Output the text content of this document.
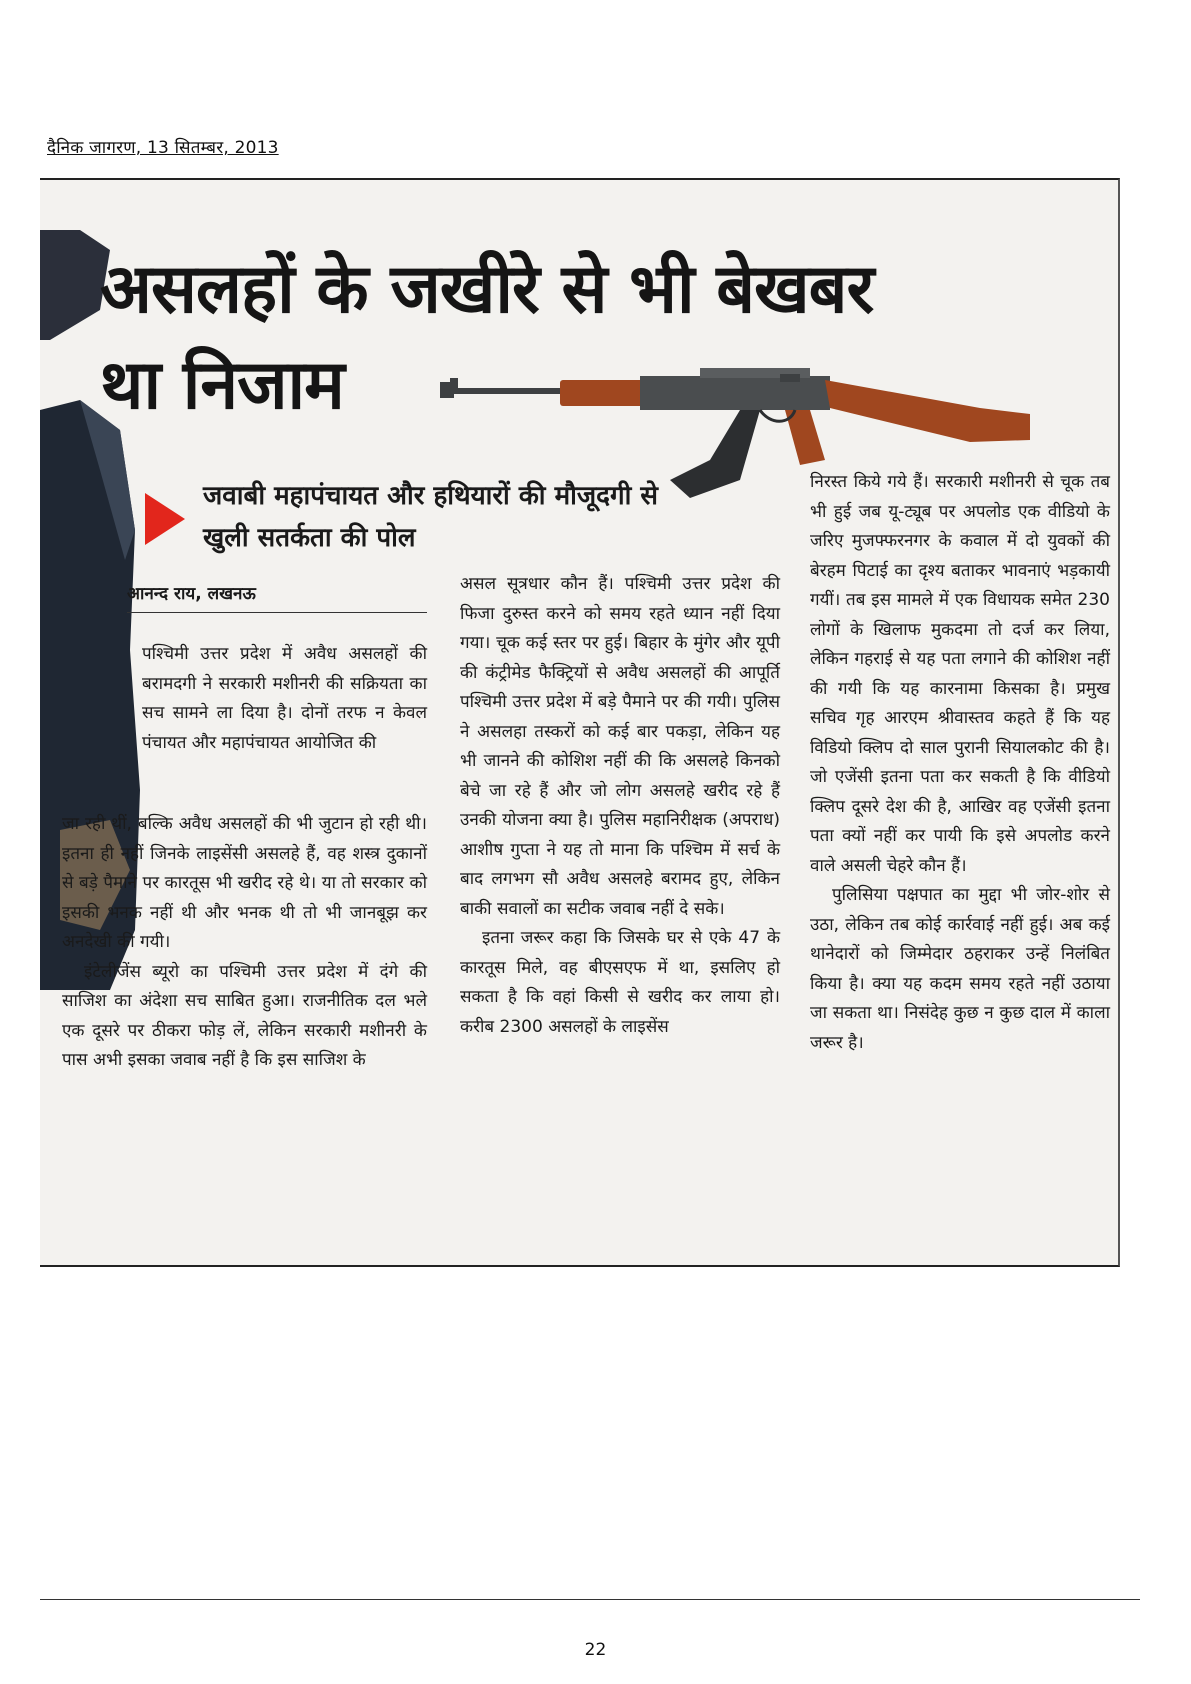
दैनिक जागरण, 13 सितम्बर, 2013
असलहों के जखीरे से भी बेखबर
था निजाम
जवाबी महापंचायत और हथियारों की मौजूदगी से खुली सतर्कता की पोल
आनन्द राय, लखनऊ

पश्चिमी उत्तर प्रदेश में अवैध असलहों की बरामदगी ने सरकारी मशीनरी की सक्रियता का सच सामने ला दिया है। दोनों तरफ न केवल पंचायत और महापंचायत आयोजित की

जा रही थीं, बल्कि अवैध असलहों की भी जुटान हो रही थी। इतना ही नहीं जिनके लाइसेंसी असलहे हैं, वह शस्त्र दुकानों से बड़े पैमाने पर कारतूस भी खरीद रहे थे। या तो सरकार को इसकी भनक नहीं थी और भनक थी तो भी जानबूझ कर अनदेखी की गयी।

इंटेलीजेंस ब्यूरो का पश्चिमी उत्तर प्रदेश में दंगे की साजिश का अंदेशा सच साबित हुआ। राजनीतिक दल भले एक दूसरे पर ठीकरा फोड़ लें, लेकिन सरकारी मशीनरी के पास अभी इसका जवाब नहीं है कि इस साजिश के

असल सूत्रधार कौन हैं। पश्चिमी उत्तर प्रदेश की फिजा दुरुस्त करने को समय रहते ध्यान नहीं दिया गया। चूक कई स्तर पर हुई। बिहार के मुंगेर और यूपी की कंट्रीमेड फैक्ट्रियों से अवैध असलहों की आपूर्ति पश्चिमी उत्तर प्रदेश में बड़े पैमाने पर की गयी। पुलिस ने असलहा तस्करों को कई बार पकड़ा, लेकिन यह भी जानने की कोशिश नहीं की कि असलहे किनको बेचे जा रहे हैं और जो लोग असलहे खरीद रहे हैं उनकी योजना क्या है। पुलिस महानिरीक्षक (अपराध) आशीष गुप्ता ने यह तो माना कि पश्चिम में सर्च के बाद लगभग सौ अवैध असलहे बरामद हुए, लेकिन बाकी सवालों का सटीक जवाब नहीं दे सके।

इतना जरूर कहा कि जिसके घर से एके 47 के कारतूस मिले, वह बीएसएफ में था, इसलिए हो सकता है कि वहां किसी से खरीद कर लाया हो। करीब 2300 असलहों के लाइसेंस

निरस्त किये गये हैं। सरकारी मशीनरी से चूक तब भी हुई जब यू-ट्यूब पर अपलोड एक वीडियो के जरिए मुजफ्फरनगर के कवाल में दो युवकों की बेरहम पिटाई का दृश्य बताकर भावनाएं भड़कायी गयीं। तब इस मामले में एक विधायक समेत 230 लोगों के खिलाफ मुकदमा तो दर्ज कर लिया, लेकिन गहराई से यह पता लगाने की कोशिश नहीं की गयी कि यह कारनामा किसका है। प्रमुख सचिव गृह आरएम श्रीवास्तव कहते हैं कि यह विडियो क्लिप दो साल पुरानी सियालकोट की है। जो एजेंसी इतना पता कर सकती है कि वीडियो क्लिप दूसरे देश की है, आखिर वह एजेंसी इतना पता क्यों नहीं कर पायी कि इसे अपलोड करने वाले असली चेहरे कौन हैं।

पुलिसिया पक्षपात का मुद्दा भी जोर-शोर से उठा, लेकिन तब कोई कार्रवाई नहीं हुई। अब कई थानेदारों को जिम्मेदार ठहराकर उन्हें निलंबित किया है। क्या यह कदम समय रहते नहीं उठाया जा सकता था। निसंदेह कुछ न कुछ दाल में काला जरूर है।

22
